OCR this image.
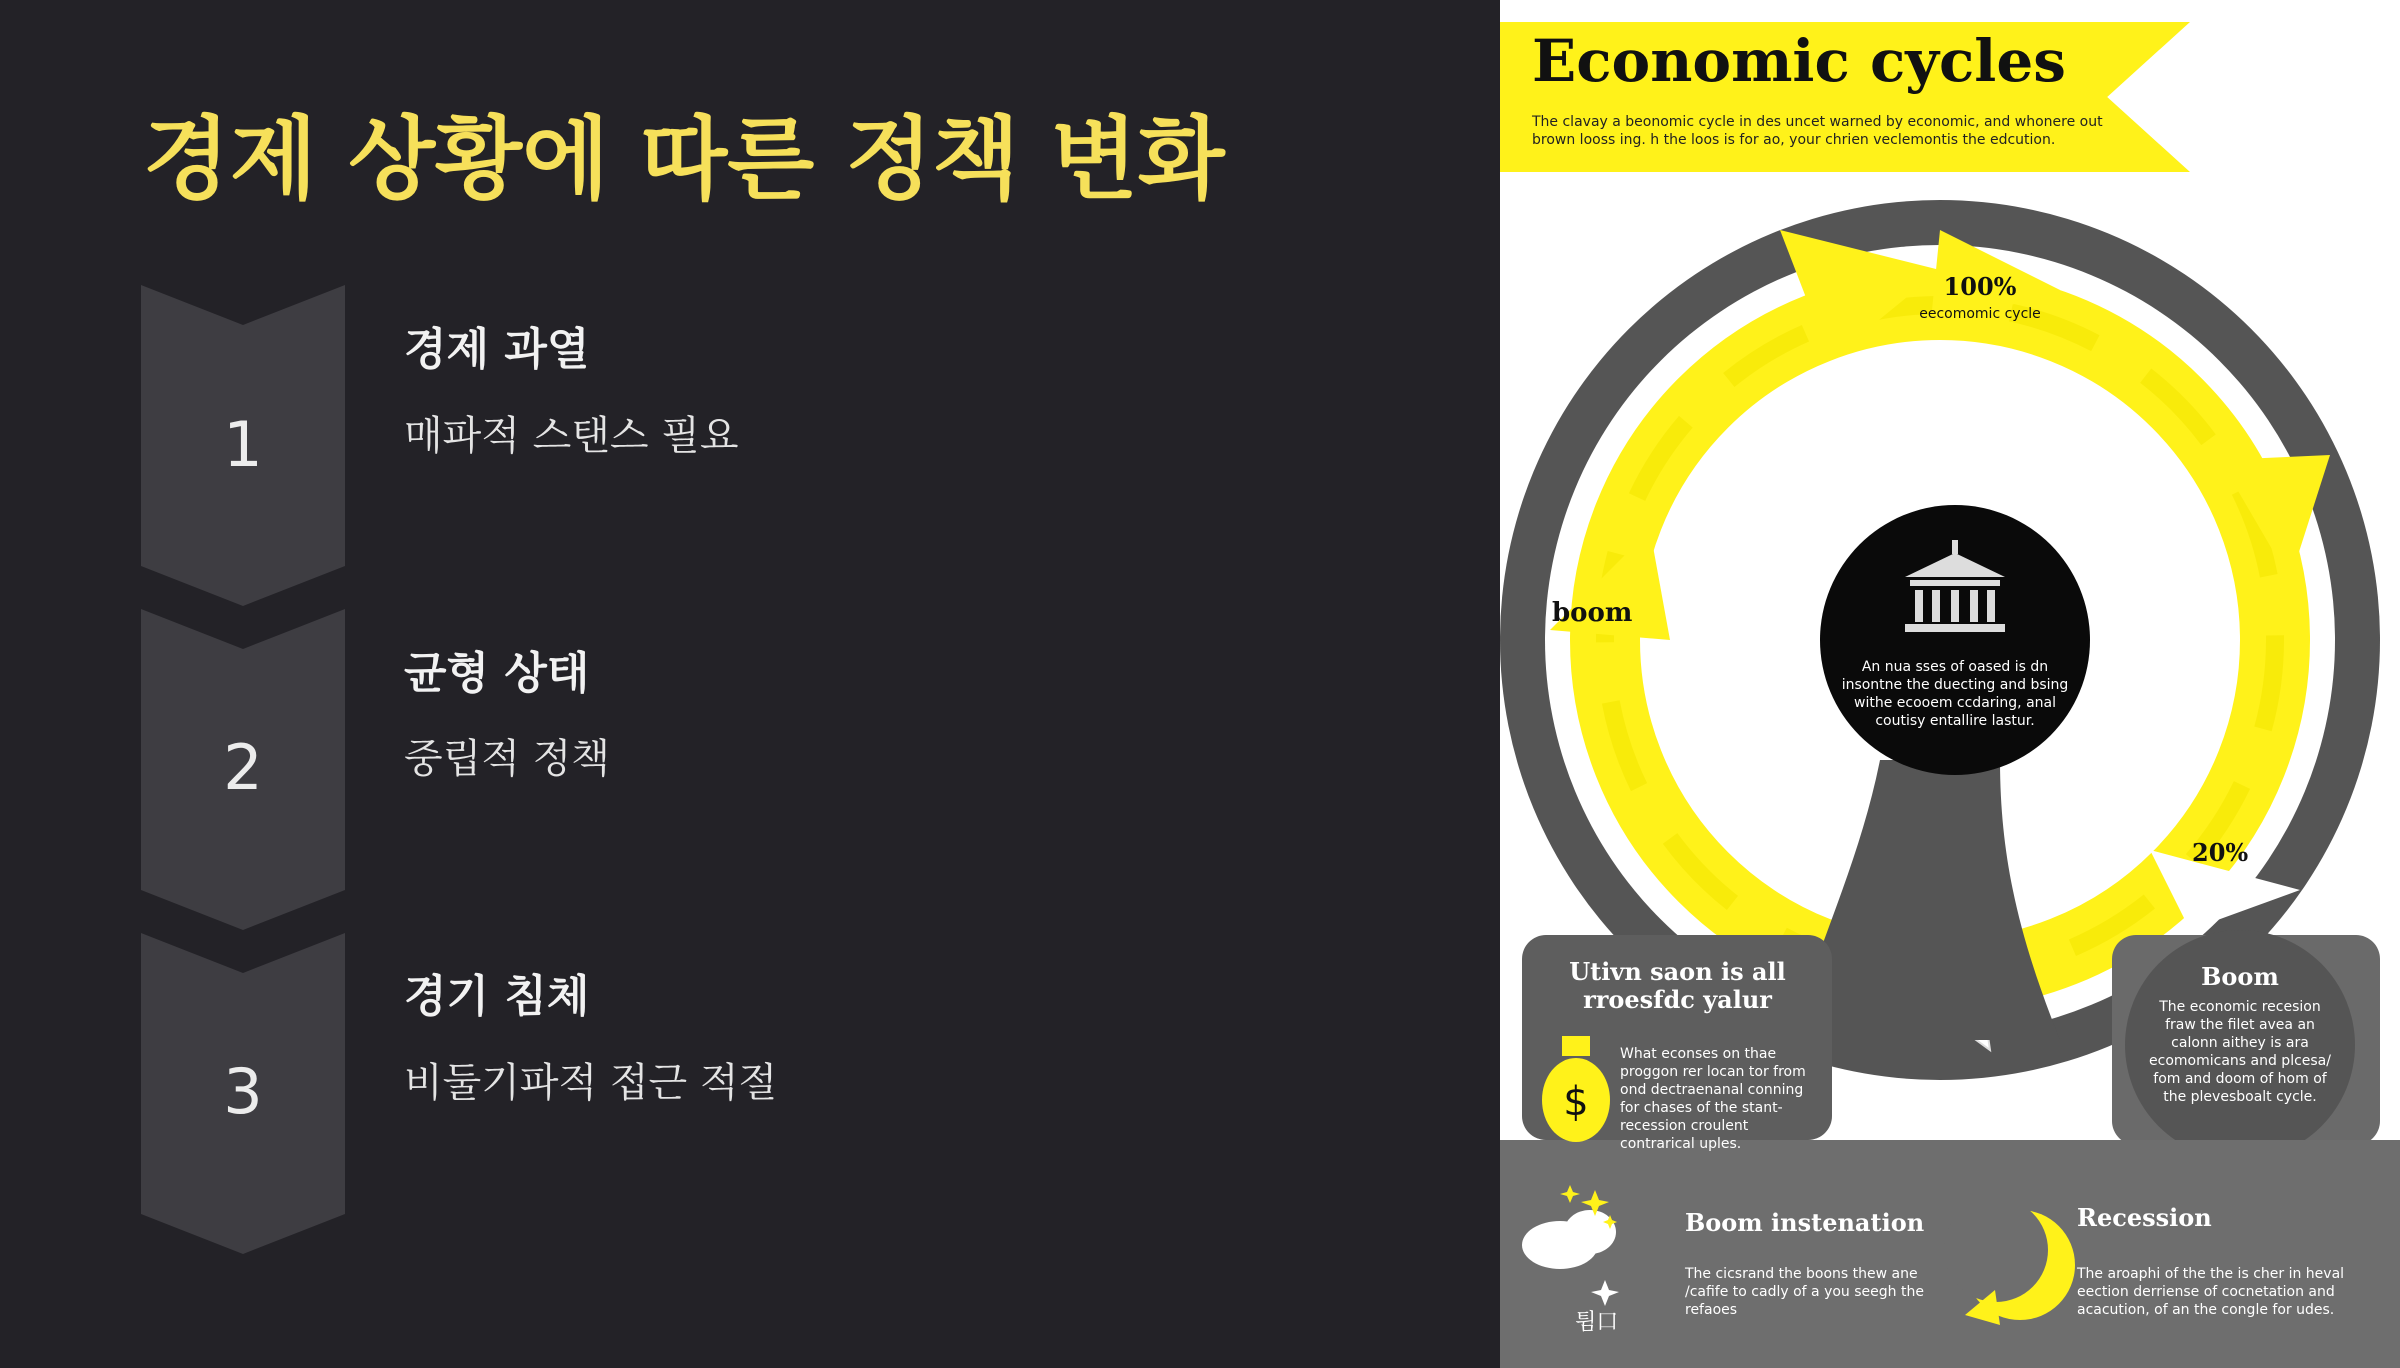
경제 상황에 따른 정책 변화
1
경제 과열
매파적 스탠스 필요
2
균형 상태
중립적 정책
3
경기 침체
비둘기파적 접근 적절
Economic cycles
The clavay a beonomic cycle in des uncet warned by economic, and whonere out brown looss ing. h the loos is for ao, your chrien veclemontis the edcution.
$
100%
eecomomic cycle
boom
20%
An nua sses of oased is dn insontne the duecting and bsing withe ecooem ccdaring, anal coutisy entallire lastur.
Utivn saon is all rroesfdc yalur
What econses on thae proggon rer locan tor from ond dectraenanal conning for chases of the stant- recession croulent contrarical uples.
Boom
The economic recesion fraw the filet avea an calonn aithey is ara ecomomicans and plcesa/ fom and doom of hom of the plevesboalt cycle.
Boom instenation
The cicsrand the boons thew ane /cafife to cadly of a you seegh the refaoes
튐口
Recession
The aroaphi of the the is cher in heval eection derriense of cocnetation and acacution, of an the congle for udes.
